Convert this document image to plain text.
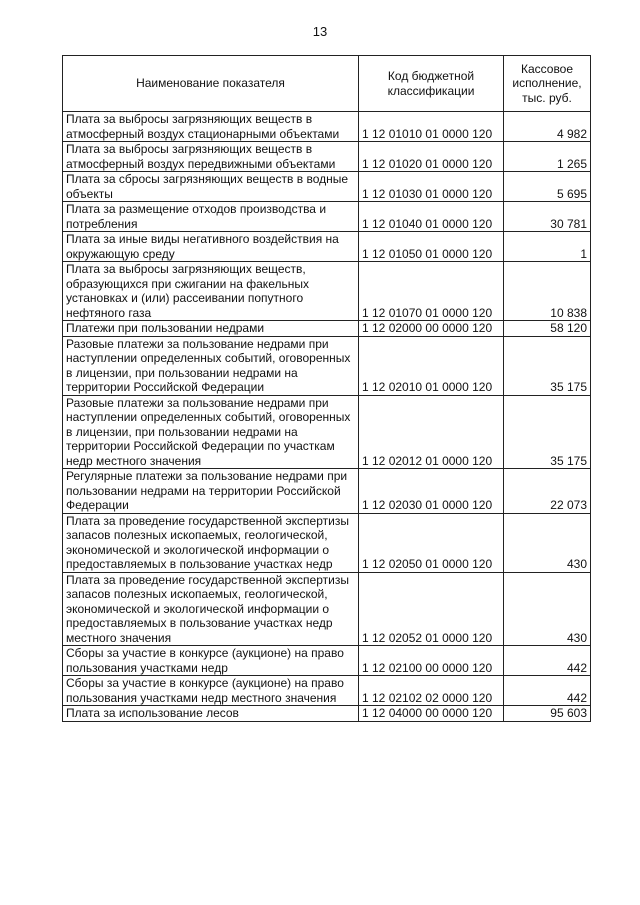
13
Наименование показателя	Код бюджетной классификации	Кассовое исполнение, тыс. руб.
Плата за выбросы загрязняющих веществ в атмосферный воздух стационарными объектами	1 12 01010 01 0000 120	4 982
Плата за выбросы загрязняющих веществ в атмосферный воздух передвижными объектами	1 12 01020 01 0000 120	1 265
Плата за сбросы загрязняющих веществ в водные объекты	1 12 01030 01 0000 120	5 695
Плата за размещение отходов производства и потребления	1 12 01040 01 0000 120	30 781
Плата за иные виды негативного воздействия на окружающую среду	1 12 01050 01 0000 120	1
Плата за выбросы загрязняющих веществ, образующихся при сжигании на факельных установках и (или) рассеивании попутного нефтяного газа	1 12 01070 01 0000 120	10 838
Платежи при пользовании недрами	1 12 02000 00 0000 120	58 120
Разовые платежи за пользование недрами при наступлении определенных событий, оговоренных в лицензии, при пользовании недрами на территории Российской Федерации	1 12 02010 01 0000 120	35 175
Разовые платежи за пользование недрами при наступлении определенных событий, оговоренных в лицензии, при пользовании недрами на территории Российской Федерации по участкам недр местного значения	1 12 02012 01 0000 120	35 175
Регулярные платежи за пользование недрами при пользовании недрами на территории Российской Федерации	1 12 02030 01 0000 120	22 073
Плата за проведение государственной экспертизы запасов полезных ископаемых, геологической, экономической и экологической информации о предоставляемых в пользование участках недр	1 12 02050 01 0000 120	430
Плата за проведение государственной экспертизы запасов полезных ископаемых, геологической, экономической и экологической информации о предоставляемых в пользование участках недр местного значения	1 12 02052 01 0000 120	430
Сборы за участие в конкурсе (аукционе) на право пользования участками недр	1 12 02100 00 0000 120	442
Сборы за участие в конкурсе (аукционе) на право пользования участками недр местного значения	1 12 02102 02 0000 120	442
Плата за использование лесов	1 12 04000 00 0000 120	95 603
